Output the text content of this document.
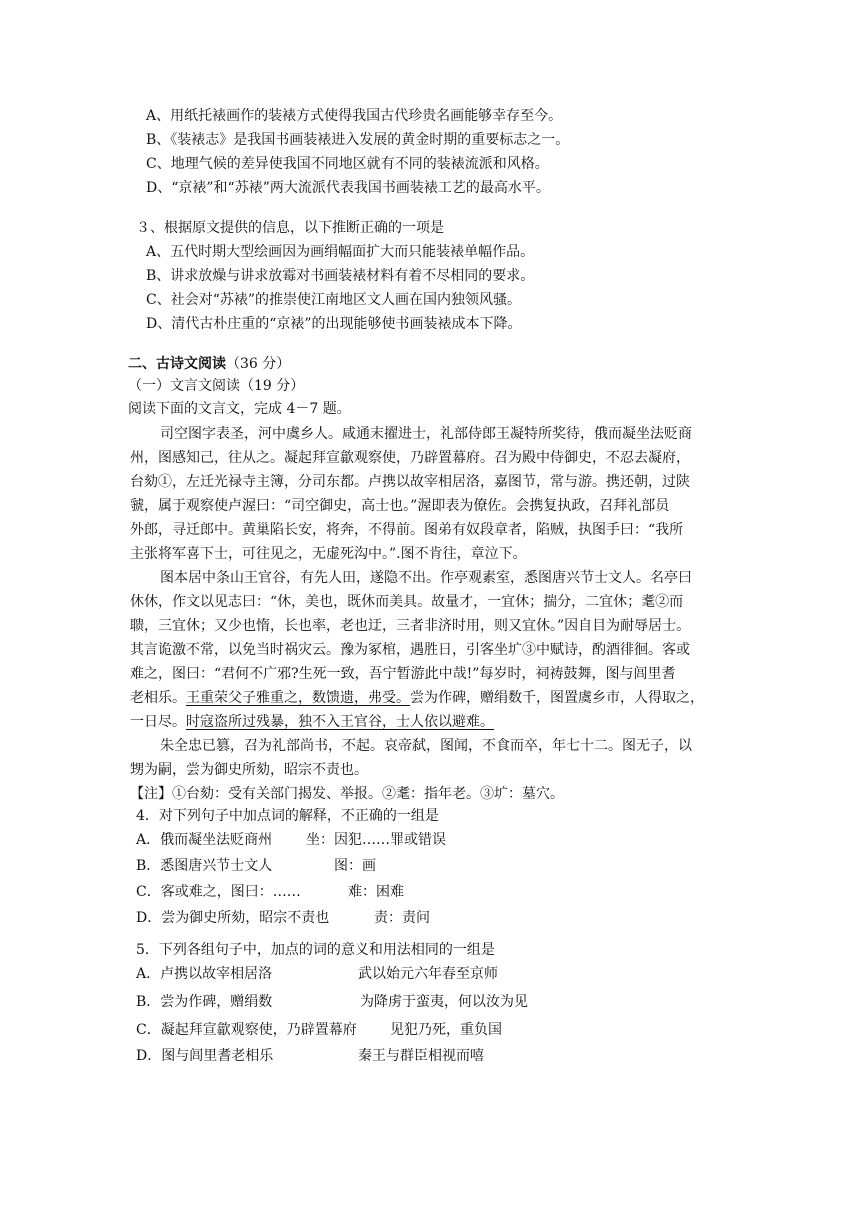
A、用纸托裱画作的装裱方式使得我国古代珍贵名画能够幸存至今。
B、《装裱志》是我国书画装裱进入发展的黄金时期的重要标志之一。
C、地理气候的差异使我国不同地区就有不同的装裱流派和风格。
D、“京裱”和“苏裱”两大流派代表我国书画装裱工艺的最高水平。
３、根据原文提供的信息，以下推断正确的一项是
A、五代时期大型绘画因为画绢幅面扩大而只能装裱单幅作品。
B、讲求放燥与讲求放霉对书画装裱材料有着不尽相同的要求。
C、社会对“苏裱”的推崇使江南地区文人画在国内独领风骚。
D、清代古朴庄重的“京裱”的出现能够使书画装裱成本下降。
二、古诗文阅读（36 分）
（一）文言文阅读（19 分）
阅读下面的文言文，完成 4－7 题。
司空图字表圣，河中虞乡人。咸通末擢进士，礼部侍郎王凝特所奖待，俄而凝坐法贬商
州，图感知己，往从之。凝起拜宣歙观察使，乃辟置幕府。召为殿中侍御史，不忍去凝府，
台劾①，左迁光禄寺主簿，分司东都。卢携以故宰相居洛，嘉图节，常与游。携还朝，过陕
虢，属于观察使卢渥曰：“司空御史，高士也。”渥即表为僚佐。会携复执政，召拜礼部员
外郎，寻迁郎中。黄巢陷长安，将奔，不得前。图弟有奴段章者，陷贼，执图手曰：“我所
主张将军喜下士，可往见之，无虚死沟中。”.图不肯往，章泣下。
图本居中条山王官谷，有先人田，遂隐不出。作亭观素室，悉图唐兴节士文人。名亭曰
休休，作文以见志曰：“休，美也，既休而美具。故量才，一宜休；揣分，二宜休；耄②而
聩，三宜休；又少也惰，长也率，老也迂，三者非济时用，则又宜休。”因自目为耐辱居士。
其言诡激不常，以免当时祸灾云。豫为冢棺，遇胜日，引客坐圹③中赋诗，酌酒徘徊。客或
难之，图曰：“君何不广邪?生死一致，吾宁暂游此中哉!”每岁时，祠祷鼓舞，图与闾里耆
老相乐。王重荣父子雅重之，数馈遗，弗受。尝为作碑，赠绢数千，图置虞乡市，人得取之，
一日尽。时寇盗所过残暴，独不入王官谷，士人依以避难。
朱全忠已篡，召为礼部尚书，不起。哀帝弑，图闻，不食而卒，年七十二。图无子，以
甥为嗣，尝为御史所劾，昭宗不责也。
【注】①台劾：受有关部门揭发、举报。②耄：指年老。③圹：墓穴。
4．对下列句子中加点词的解释，不正确的一组是
A．俄而凝坐法贬商州 坐：因犯……罪或错误
B．悉图唐兴节士文人	图：画
C．客或难之，图曰：……	难：困难
D．尝为御史所劾，昭宗不责也	责：责问
5．下列各组句子中，加点的词的意义和用法相同的一组是
A．卢携以故宰相居洛	武以始元六年春至京师
B．尝为作碑，赠绢数	为降虏于蛮夷，何以汝为见
C．凝起拜宣歙观察使，乃辟置幕府 见犯乃死，重负国
D．图与闾里耆老相乐	秦王与群臣相视而嘻
